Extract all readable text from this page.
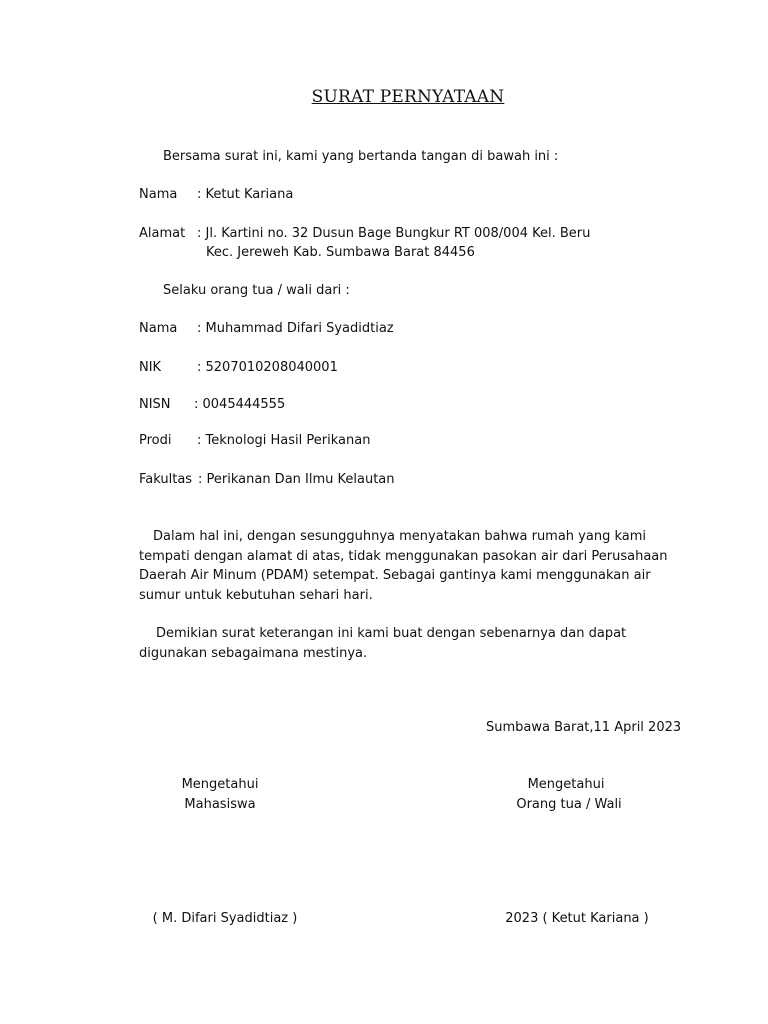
SURAT PERNYATAAN
Bersama surat ini, kami yang bertanda tangan di bawah ini :
Nama : Ketut Kariana
Alamat : Jl. Kartini no. 32 Dusun Bage Bungkur RT 008/004 Kel. Beru
Kec. Jereweh Kab. Sumbawa Barat 84456
Selaku orang tua / wali dari :
Nama : Muhammad Difari Syadidtiaz
NIK	: 5207010208040001
NISN : 0045444555
Prodi : Teknologi Hasil Perikanan
Fakultas : Perikanan Dan Ilmu Kelautan
Dalam hal ini, dengan sesungguhnya menyatakan bahwa rumah yang kami tempati dengan alamat di atas, tidak menggunakan pasokan air dari Perusahaan Daerah Air Minum (PDAM) setempat. Sebagai gantinya kami menggunakan air sumur untuk kebutuhan sehari hari.
Demikian surat keterangan ini kami buat dengan sebenarnya dan dapat digunakan sebagaimana mestinya.
Sumbawa Barat,11 April 2023
Mengetahui
Mahasiswa
( M. Difari Syadidtiaz )
Mengetahui
Orang tua / Wali
2023 ( Ketut Kariana )
